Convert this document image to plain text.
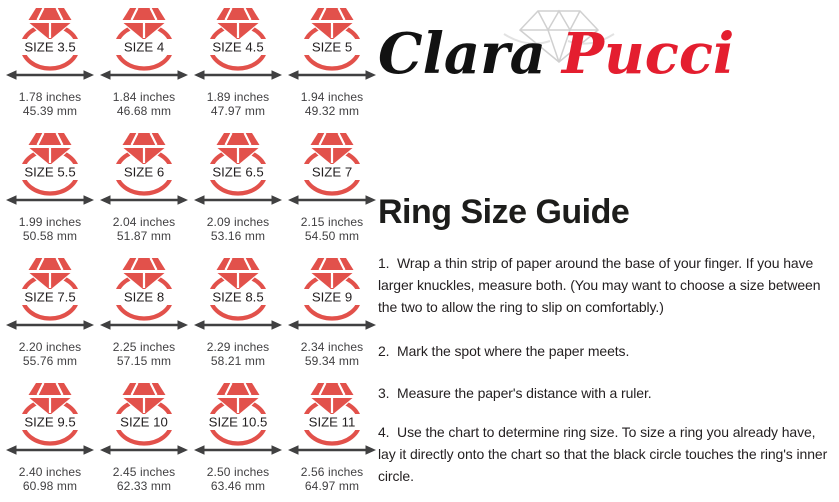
SIZE 3.5
1.78 inches
45.39 mm
SIZE 4
1.84 inches
46.68 mm
SIZE 4.5
1.89 inches
47.97 mm
SIZE 5
1.94 inches
49.32 mm
SIZE 5.5
1.99 inches
50.58 mm
SIZE 6
2.04 inches
51.87 mm
SIZE 6.5
2.09 inches
53.16 mm
SIZE 7
2.15 inches
54.50 mm
SIZE 7.5
2.20 inches
55.76 mm
SIZE 8
2.25 inches
57.15 mm
SIZE 8.5
2.29 inches
58.21 mm
SIZE 9
2.34 inches
59.34 mm
SIZE 9.5
2.40 inches
60.98 mm
SIZE 10
2.45 inches
62.33 mm
SIZE 10.5
2.50 inches
63.46 mm
SIZE 11
2.56 inches
64.97 mm
Clara Pucci
Ring Size Guide

1.  Wrap a thin strip of paper around the base of your finger. If you have larger knuckles, measure both. (You may want to choose a size between the two to allow the ring to slip on comfortably.)

2.  Mark the spot where the paper meets.

3.  Measure the paper's distance with a ruler.

4.  Use the chart to determine ring size. To size a ring you already have, lay it directly onto the chart so that the black circle touches the ring's inner circle.
